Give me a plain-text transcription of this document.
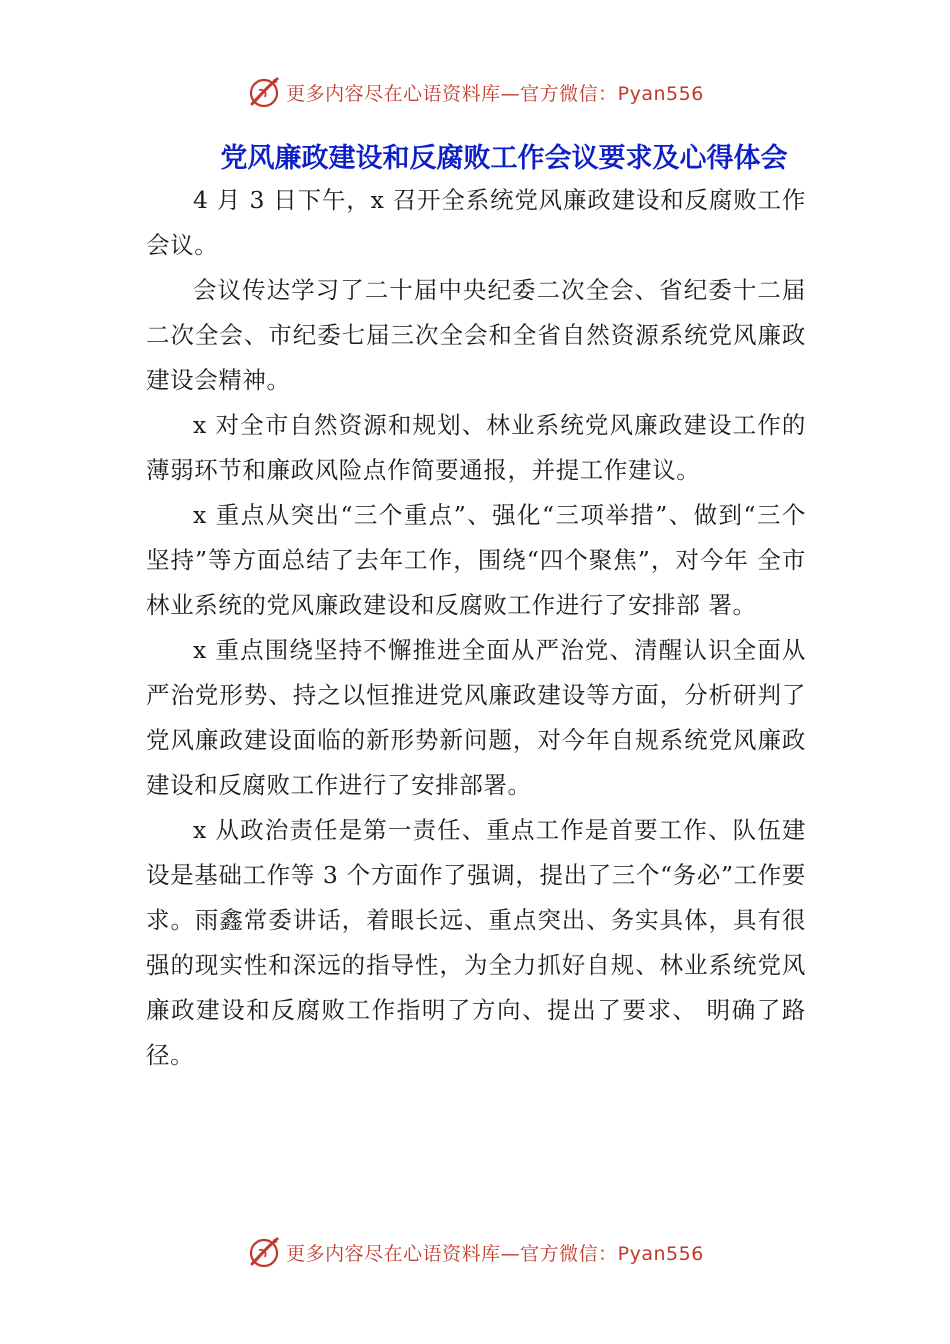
更多内容尽在心语资料库—官方微信：Pyan556
党风廉政建设和反腐败工作会议要求及心得体会

4 月 3 日下午，x 召开全系统党风廉政建设和反腐败工作会议。

会议传达学习了二十届中央纪委二次全会、省纪委十二届二次全会、市纪委七届三次全会和全省自然资源系统党风廉政建设会精神。

x 对全市自然资源和规划、林业系统党风廉政建设工作的薄弱环节和廉政风险点作简要通报，并提工作建议。

x 重点从突出“三个重点”、强化“三项举措”、做到“三个坚持”等方面总结了去年工作，围绕“四个聚焦”，对今年 全市林业系统的党风廉政建设和反腐败工作进行了安排部 署。

x 重点围绕坚持不懈推进全面从严治党、清醒认识全面从严治党形势、持之以恒推进党风廉政建设等方面，分析研判了党风廉政建设面临的新形势新问题，对今年自规系统党风廉政建设和反腐败工作进行了安排部署。

x 从政治责任是第一责任、重点工作是首要工作、队伍建设是基础工作等 3 个方面作了强调，提出了三个“务必”工作要求。雨鑫常委讲话，着眼长远、重点突出、务实具体，具有很强的现实性和深远的指导性，为全力抓好自规、林业系统党风廉政建设和反腐败工作指明了方向、提出了要求、 明确了路径。

更多内容尽在心语资料库—官方微信：Pyan556
